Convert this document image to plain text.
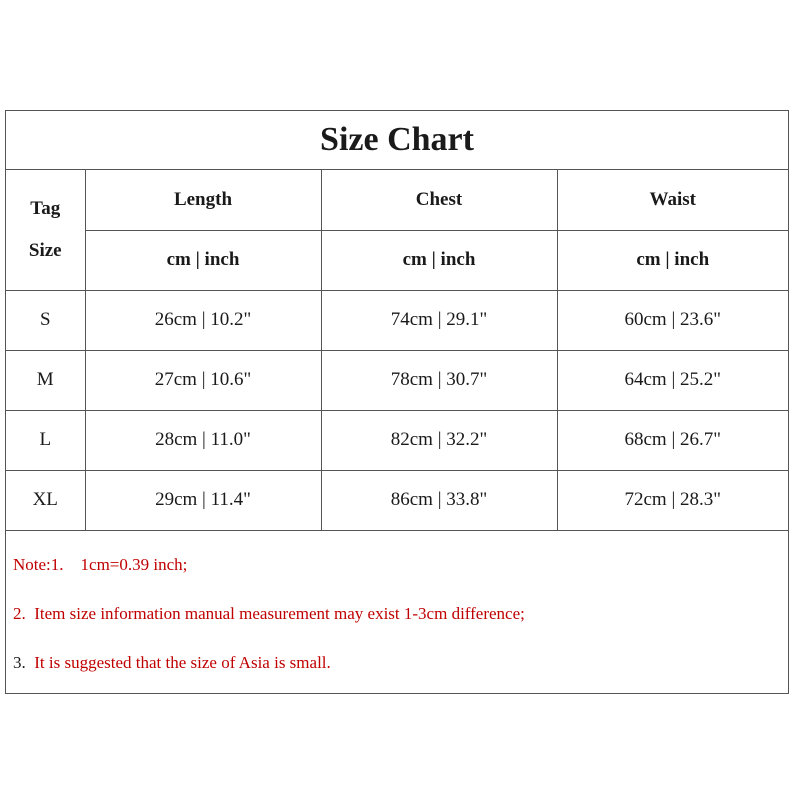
Size Chart
Tag
Size	Length	Chest	Waist
	cm | inch	cm | inch	cm | inch
S	26cm | 10.2"	74cm | 29.1"	60cm | 23.6"
M	27cm | 10.6"	78cm | 30.7"	64cm | 25.2"
L	28cm | 11.0"	82cm | 32.2"	68cm | 26.7"
XL	29cm | 11.4"	86cm | 33.8"	72cm | 28.3"
Note:1.    1cm=0.39 inch;
2.  Item size information manual measurement may exist 1-3cm difference;
3.  It is suggested that the size of Asia is small.
